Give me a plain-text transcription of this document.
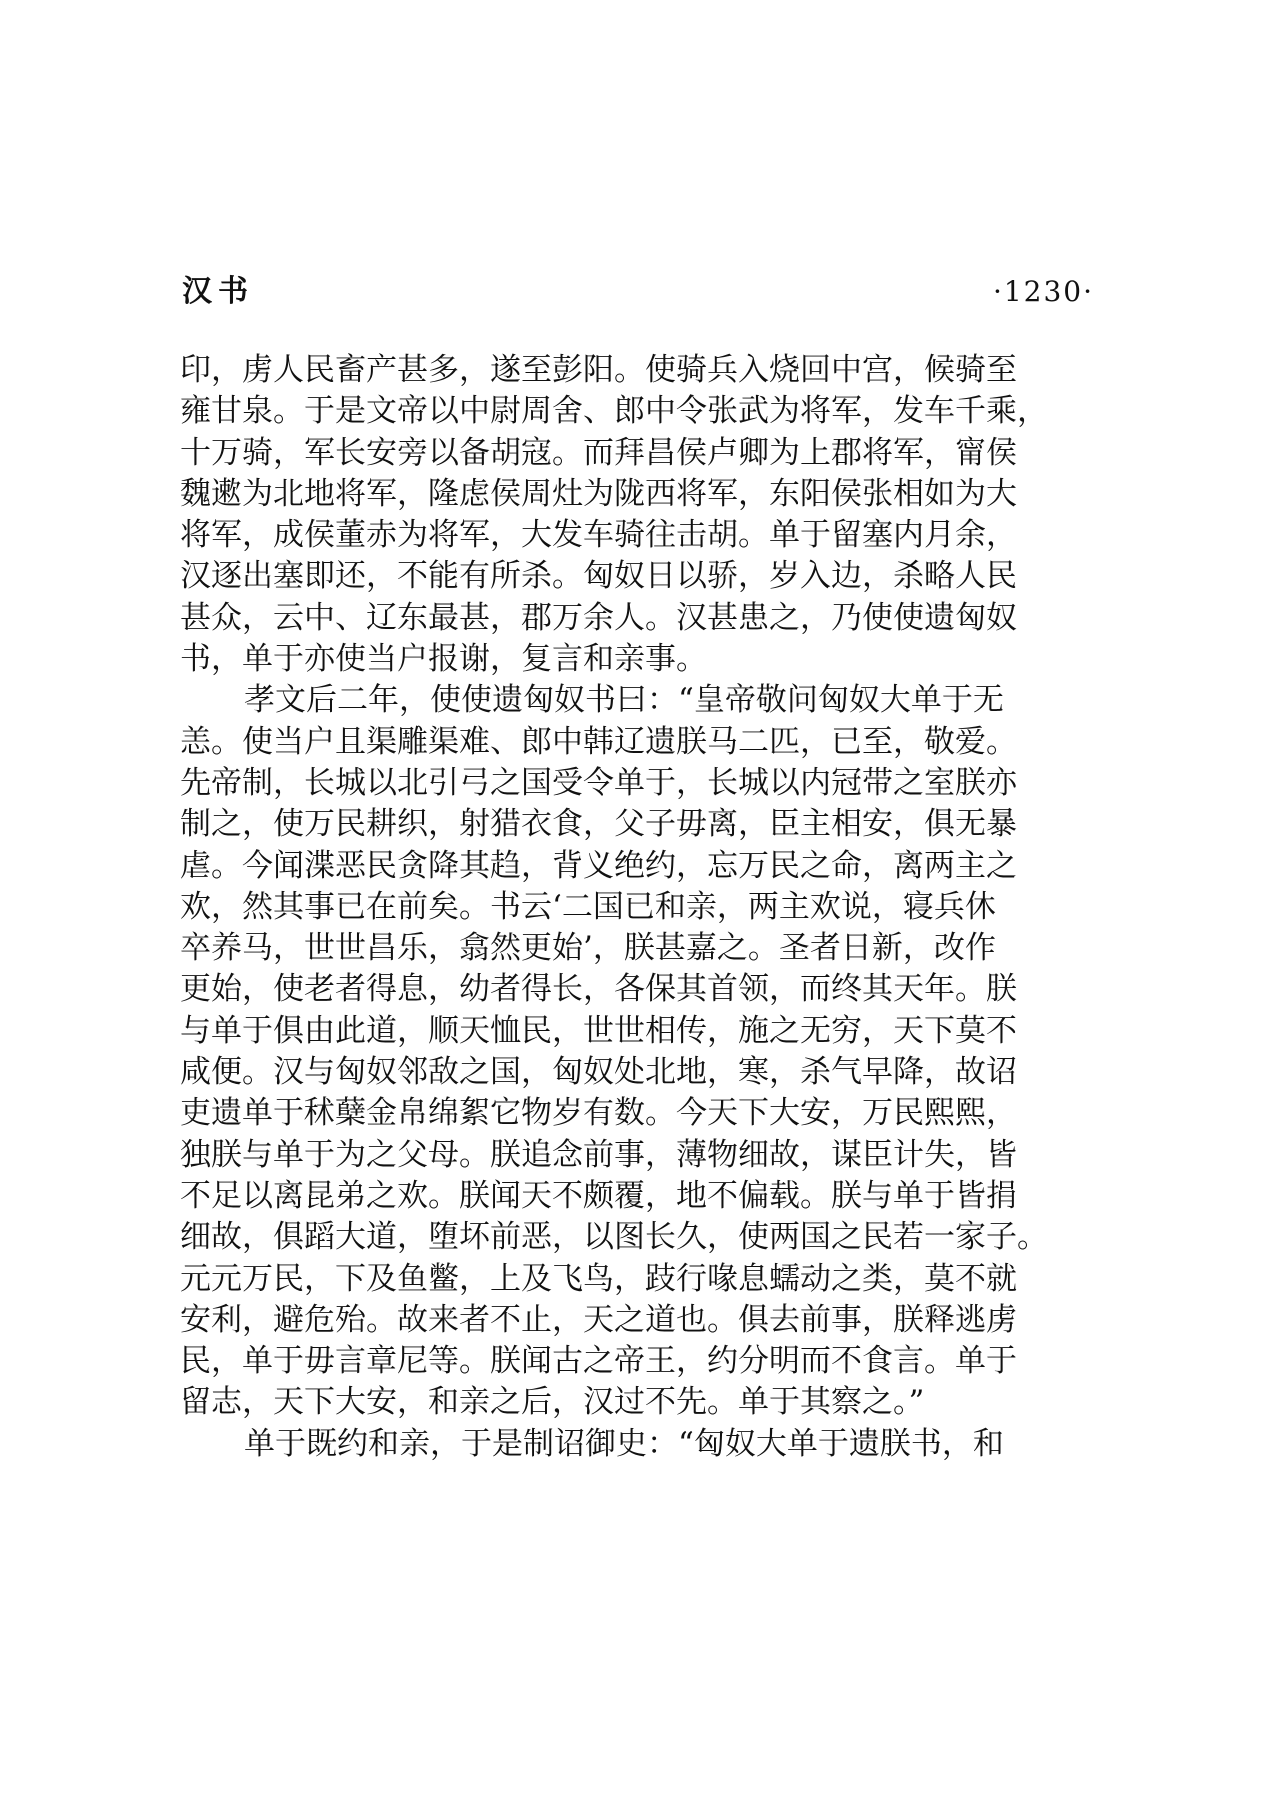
汉书	·1230·
印，虏人民畜产甚多，遂至彭阳。使骑兵入烧回中宫，候骑至
雍甘泉。于是文帝以中尉周舍、郎中令张武为将军，发车千乘，
十万骑，军长安旁以备胡寇。而拜昌侯卢卿为上郡将军，甯侯
魏遬为北地将军，隆虑侯周灶为陇西将军，东阳侯张相如为大
将军，成侯董赤为将军，大发车骑往击胡。单于留塞内月余，
汉逐出塞即还，不能有所杀。匈奴日以骄，岁入边，杀略人民
甚众，云中、辽东最甚，郡万余人。汉甚患之，乃使使遗匈奴
书，单于亦使当户报谢，复言和亲事。
孝文后二年，使使遗匈奴书曰：“皇帝敬问匈奴大单于无
恙。使当户且渠雕渠难、郎中韩辽遗朕马二匹，已至，敬爱。
先帝制，长城以北引弓之国受令单于，长城以内冠带之室朕亦
制之，使万民耕织，射猎衣食，父子毋离，臣主相安，俱无暴
虐。今闻渫恶民贪降其趋，背义绝约，忘万民之命，离两主之
欢，然其事已在前矣。书云‘二国已和亲，两主欢说，寝兵休
卒养马，世世昌乐，翕然更始’，朕甚嘉之。圣者日新，改作
更始，使老者得息，幼者得长，各保其首领，而终其天年。朕
与单于俱由此道，顺天恤民，世世相传，施之无穷，天下莫不
咸便。汉与匈奴邻敌之国，匈奴处北地，寒，杀气早降，故诏
吏遗单于秫蘖金帛绵絮它物岁有数。今天下大安，万民熙熙，
独朕与单于为之父母。朕追念前事，薄物细故，谋臣计失，皆
不足以离昆弟之欢。朕闻天不颇覆，地不偏载。朕与单于皆捐
细故，俱蹈大道，堕坏前恶，以图长久，使两国之民若一家子。
元元万民，下及鱼鳖，上及飞鸟，跂行喙息蠕动之类，莫不就
安利，避危殆。故来者不止，天之道也。俱去前事，朕释逃虏
民，单于毋言章尼等。朕闻古之帝王，约分明而不食言。单于
留志，天下大安，和亲之后，汉过不先。单于其察之。”
单于既约和亲，于是制诏御史：“匈奴大单于遗朕书，和
